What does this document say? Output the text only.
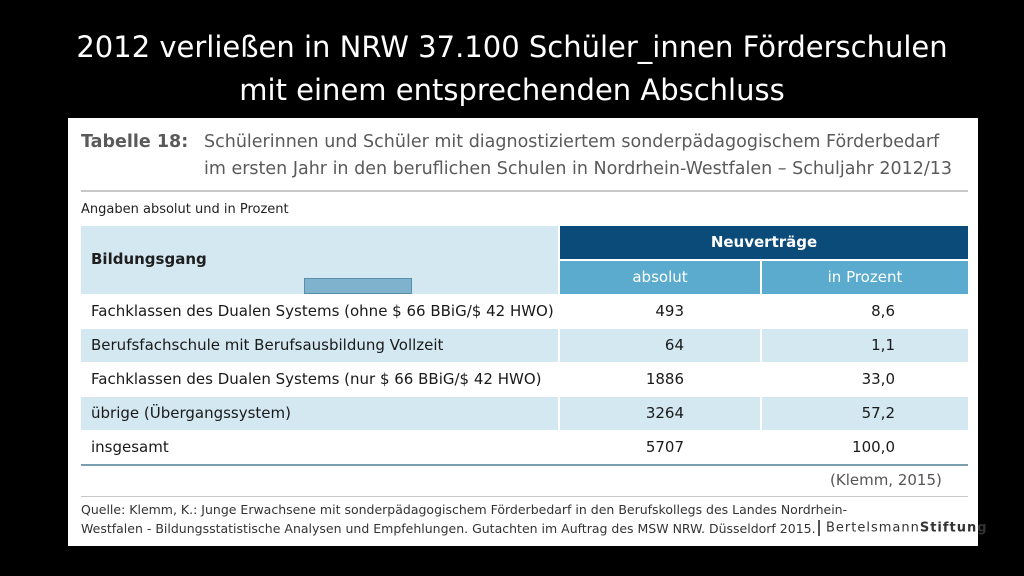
2012 verließen in NRW 37.100 Schüler_innen Förderschulen
mit einem entsprechenden Abschluss
Tabelle 18: Schülerinnen und Schüler mit diagnostiziertem sonderpädagogischem Förderbedarf
im ersten Jahr in den beruflichen Schulen in Nordrhein-Westfalen – Schuljahr 2012/13
Angaben absolut und in Prozent
Bildungsgang
Neuverträge
absolut	in Prozent
Fachklassen des Dualen Systems (ohne $ 66 BBiG/$ 42 HWO)	493	8,6
Berufsfachschule mit Berufsausbildung Vollzeit	64	1,1
Fachklassen des Dualen Systems (nur $ 66 BBiG/$ 42 HWO)	1886	33,0
übrige (Übergangssystem)	3264	57,2
insgesamt	5707	100,0
(Klemm, 2015)
Quelle: Klemm, K.: Junge Erwachsene mit sonderpädagogischem Förderbedarf in den Berufskollegs des Landes Nordrhein-
Westfalen - Bildungsstatistische Analysen und Empfehlungen. Gutachten im Auftrag des MSW NRW. Düsseldorf 2015. BertelsmannStiftung
